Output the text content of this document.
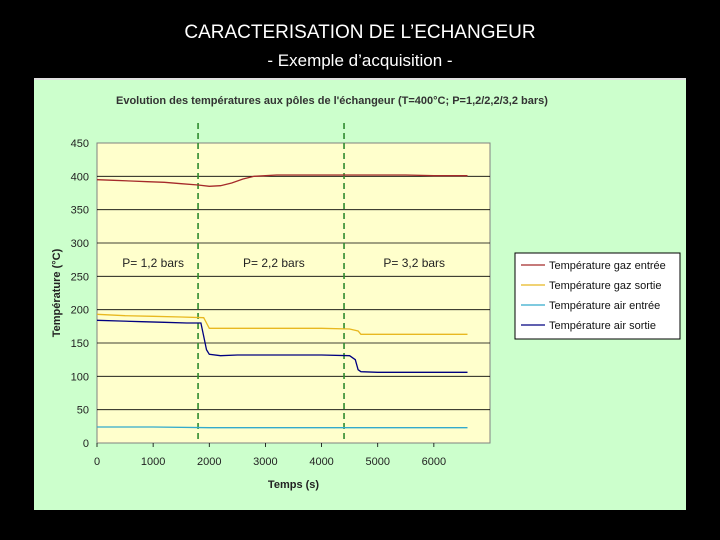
CARACTERISATION DE L’ECHANGEUR
- Exemple d’acquisition -
Evolution des températures aux pôles de l'échangeur (T=400°C; P=1,2/2,2/3,2 bars)
0
50
100
150
200
250
300
350
400
450
0	1000	2000	3000	4000	5000	6000
Temps (s)
Température (°C)	P= 1,2 bars	P= 2,2 bars	P= 3,2 bars	Température gaz entrée
Température gaz sortie
Température air entrée
Température air sortie
